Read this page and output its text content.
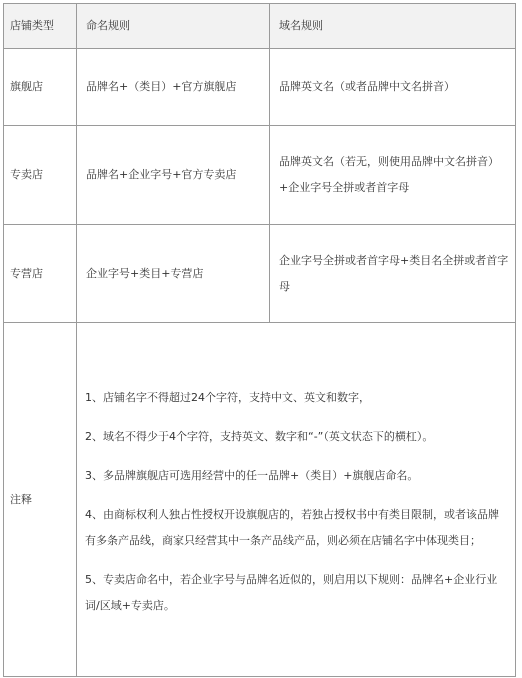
店铺类型	命名规则	域名规则

旗舰店	品牌名+（类目）+官方旗舰店	品牌英文名（或者品牌中文名拼音）

专卖店	品牌名+企业字号+官方专卖店	品牌英文名（若无，则使用品牌中文名拼音）+企业字号全拼或者首字母

专营店	企业字号+类目+专营店	企业字号全拼或者首字母+类目名全拼或者首字母

注释	1、店铺名字不得超过24个字符，支持中文、英文和数字，

2、域名不得少于4个字符，支持英文、数字和“-”（英文状态下的横杠）。

3、多品牌旗舰店可选用经营中的任一品牌+（类目）+旗舰店命名。

4、由商标权利人独占性授权开设旗舰店的，若独占授权书中有类目限制，或者该品牌有多条产品线，商家只经营其中一条产品线产品，则必须在店铺名字中体现类目；

5、专卖店命名中，若企业字号与品牌名近似的，则启用以下规则：品牌名+企业行业词/区域+专卖店。	
